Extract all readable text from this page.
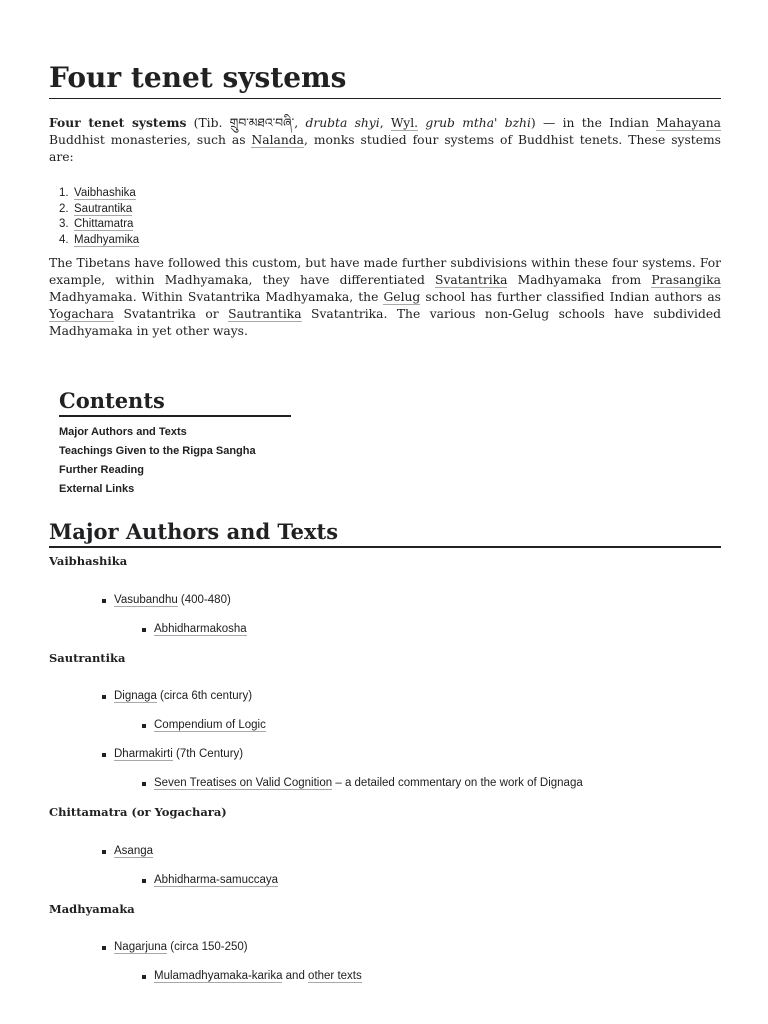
Four tenet systems

Four tenet systems (Tib. གྲུབ་མཐའ་བཞི་, drubta shyi, Wyl. grub mtha' bzhi) — in the Indian Mahayana Buddhist monasteries, such as Nalanda, monks studied four systems of Buddhist tenets. These systems are:

1. Vaibhashika
2. Sautrantika
3. Chittamatra
4. Madhyamika

The Tibetans have followed this custom, but have made further subdivisions within these four systems. For example, within Madhyamaka, they have differentiated Svatantrika Madhyamaka from Prasangika Madhyamaka. Within Svatantrika Madhyamaka, the Gelug school has further classified Indian authors as Yogachara Svatantrika or Sautrantika Svatantrika. The various non-Gelug schools have subdivided Madhyamaka in yet other ways.

Contents
Major Authors and Texts
Teachings Given to the Rigpa Sangha
Further Reading
External Links
Major Authors and Texts
Vaibhashika
Vasubandhu (400-480)
Abhidharmakosha
Sautrantika
Dignaga (circa 6th century)
Compendium of Logic
Dharmakirti (7th Century)
Seven Treatises on Valid Cognition – a detailed commentary on the work of Dignaga
Chittamatra (or Yogachara)
Asanga
Abhidharma-samuccaya
Madhyamaka
Nagarjuna (circa 150-250)
Mulamadhyamaka-karika and other texts
